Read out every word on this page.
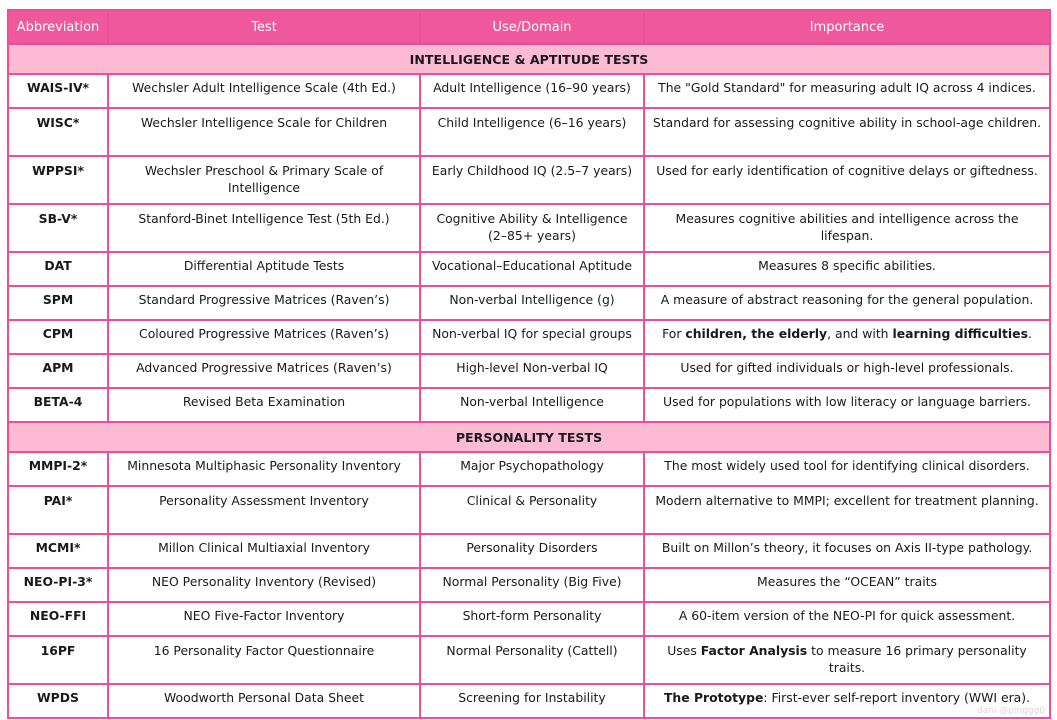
Abbreviation	Test	Use/Domain	Importance
INTELLIGENCE & APTITUDE TESTS			
WAIS-IV*	Wechsler Adult Intelligence Scale (4th Ed.)	Adult Intelligence (16–90 years)	The "Gold Standard" for measuring adult IQ across 4 indices.
WISC*	Wechsler Intelligence Scale for Children	Child Intelligence (6–16 years)	Standard for assessing cognitive ability in school-age children.
WPPSI*	Wechsler Preschool & Primary Scale of Intelligence	Early Childhood IQ (2.5–7 years)	Used for early identification of cognitive delays or giftedness.
SB-V*	Stanford-Binet Intelligence Test (5th Ed.)	Cognitive Ability & Intelligence (2–85+ years)	Measures cognitive abilities and intelligence across the lifespan.
DAT	Differential Aptitude Tests	Vocational–Educational Aptitude	Measures 8 specific abilities.
SPM	Standard Progressive Matrices (Raven’s)	Non-verbal Intelligence (g)	A measure of abstract reasoning for the general population.
CPM	Coloured Progressive Matrices (Raven’s)	Non-verbal IQ for special groups	For children, the elderly, and with learning difficulties.
APM	Advanced Progressive Matrices (Raven’s)	High-level Non-verbal IQ	Used for gifted individuals or high-level professionals.
BETA-4	Revised Beta Examination	Non-verbal Intelligence	Used for populations with low literacy or language barriers.
PERSONALITY TESTS			
MMPI-2*	Minnesota Multiphasic Personality Inventory	Major Psychopathology	The most widely used tool for identifying clinical disorders.
PAI*	Personality Assessment Inventory	Clinical & Personality	Modern alternative to MMPI; excellent for treatment planning.
MCMI*	Millon Clinical Multiaxial Inventory	Personality Disorders	Built on Millon’s theory, it focuses on Axis II-type pathology.
NEO-PI-3*	NEO Personality Inventory (Revised)	Normal Personality (Big Five)	Measures the “OCEAN” traits
NEO-FFI	NEO Five-Factor Inventory	Short-form Personality	A 60-item version of the NEO-PI for quick assessment.
16PF	16 Personality Factor Questionnaire	Normal Personality (Cattell)	Uses Factor Analysis to measure 16 primary personality traits.
WPDS	Woodworth Personal Data Sheet	Screening for Instability	The Prototype: First-ever self-report inventory (WWI era).
dani @pinggg0
